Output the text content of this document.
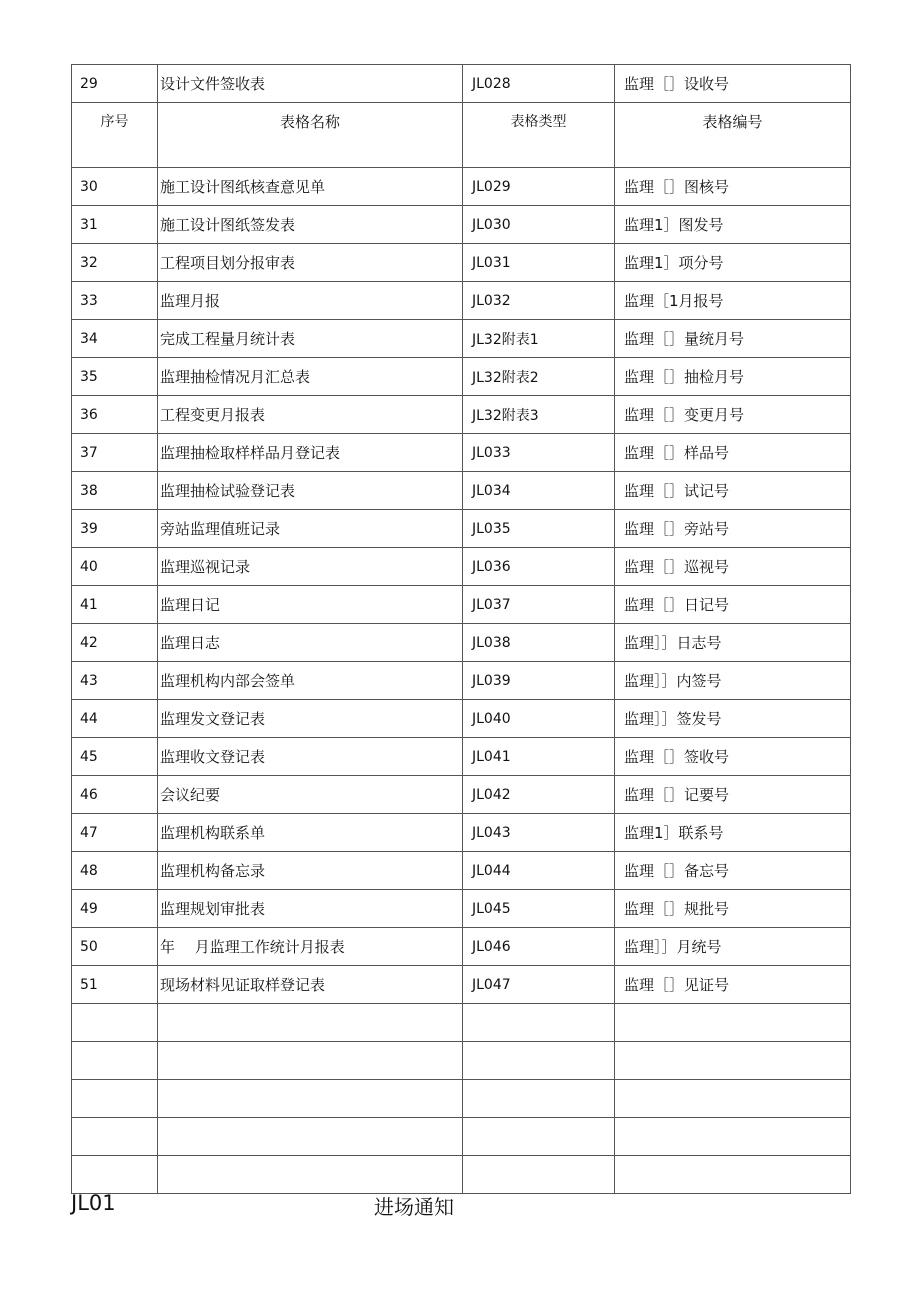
29	设计文件签收表	JL028	监理［］设收号
序号	表格名称	表格类型	表格编号
30	施工设计图纸核查意见单	JL029	监理［］图核号
31	施工设计图纸签发表	JL030	监理1］图发号
32	工程项目划分报审表	JL031	监理1］项分号
33	监理月报	JL032	监理［1月报号
34	完成工程量月统计表	JL32附表1	监理［］量统月号
35	监理抽检情况月汇总表	JL32附表2	监理［］抽检月号
36	工程变更月报表	JL32附表3	监理［］变更月号
37	监理抽检取样样品月登记表	JL033	监理［］样品号
38	监理抽检试验登记表	JL034	监理［］试记号
39	旁站监理值班记录	JL035	监理［］旁站号
40	监理巡视记录	JL036	监理［］巡视号
41	监理日记	JL037	监理［］日记号
42	监理日志	JL038	监理］］日志号
43	监理机构内部会签单	JL039	监理］］内签号
44	监理发文登记表	JL040	监理］］签发号
45	监理收文登记表	JL041	监理［］签收号
46	会议纪要	JL042	监理［］记要号
47	监理机构联系单	JL043	监理1］联系号
48	监理机构备忘录	JL044	监理［］备忘号
49	监理规划审批表	JL045	监理［］规批号
50	年　 月监理工作统计月报表	JL046	监理］］月统号
51	现场材料见证取样登记表	JL047	监理［］见证号

JL01	进场通知
